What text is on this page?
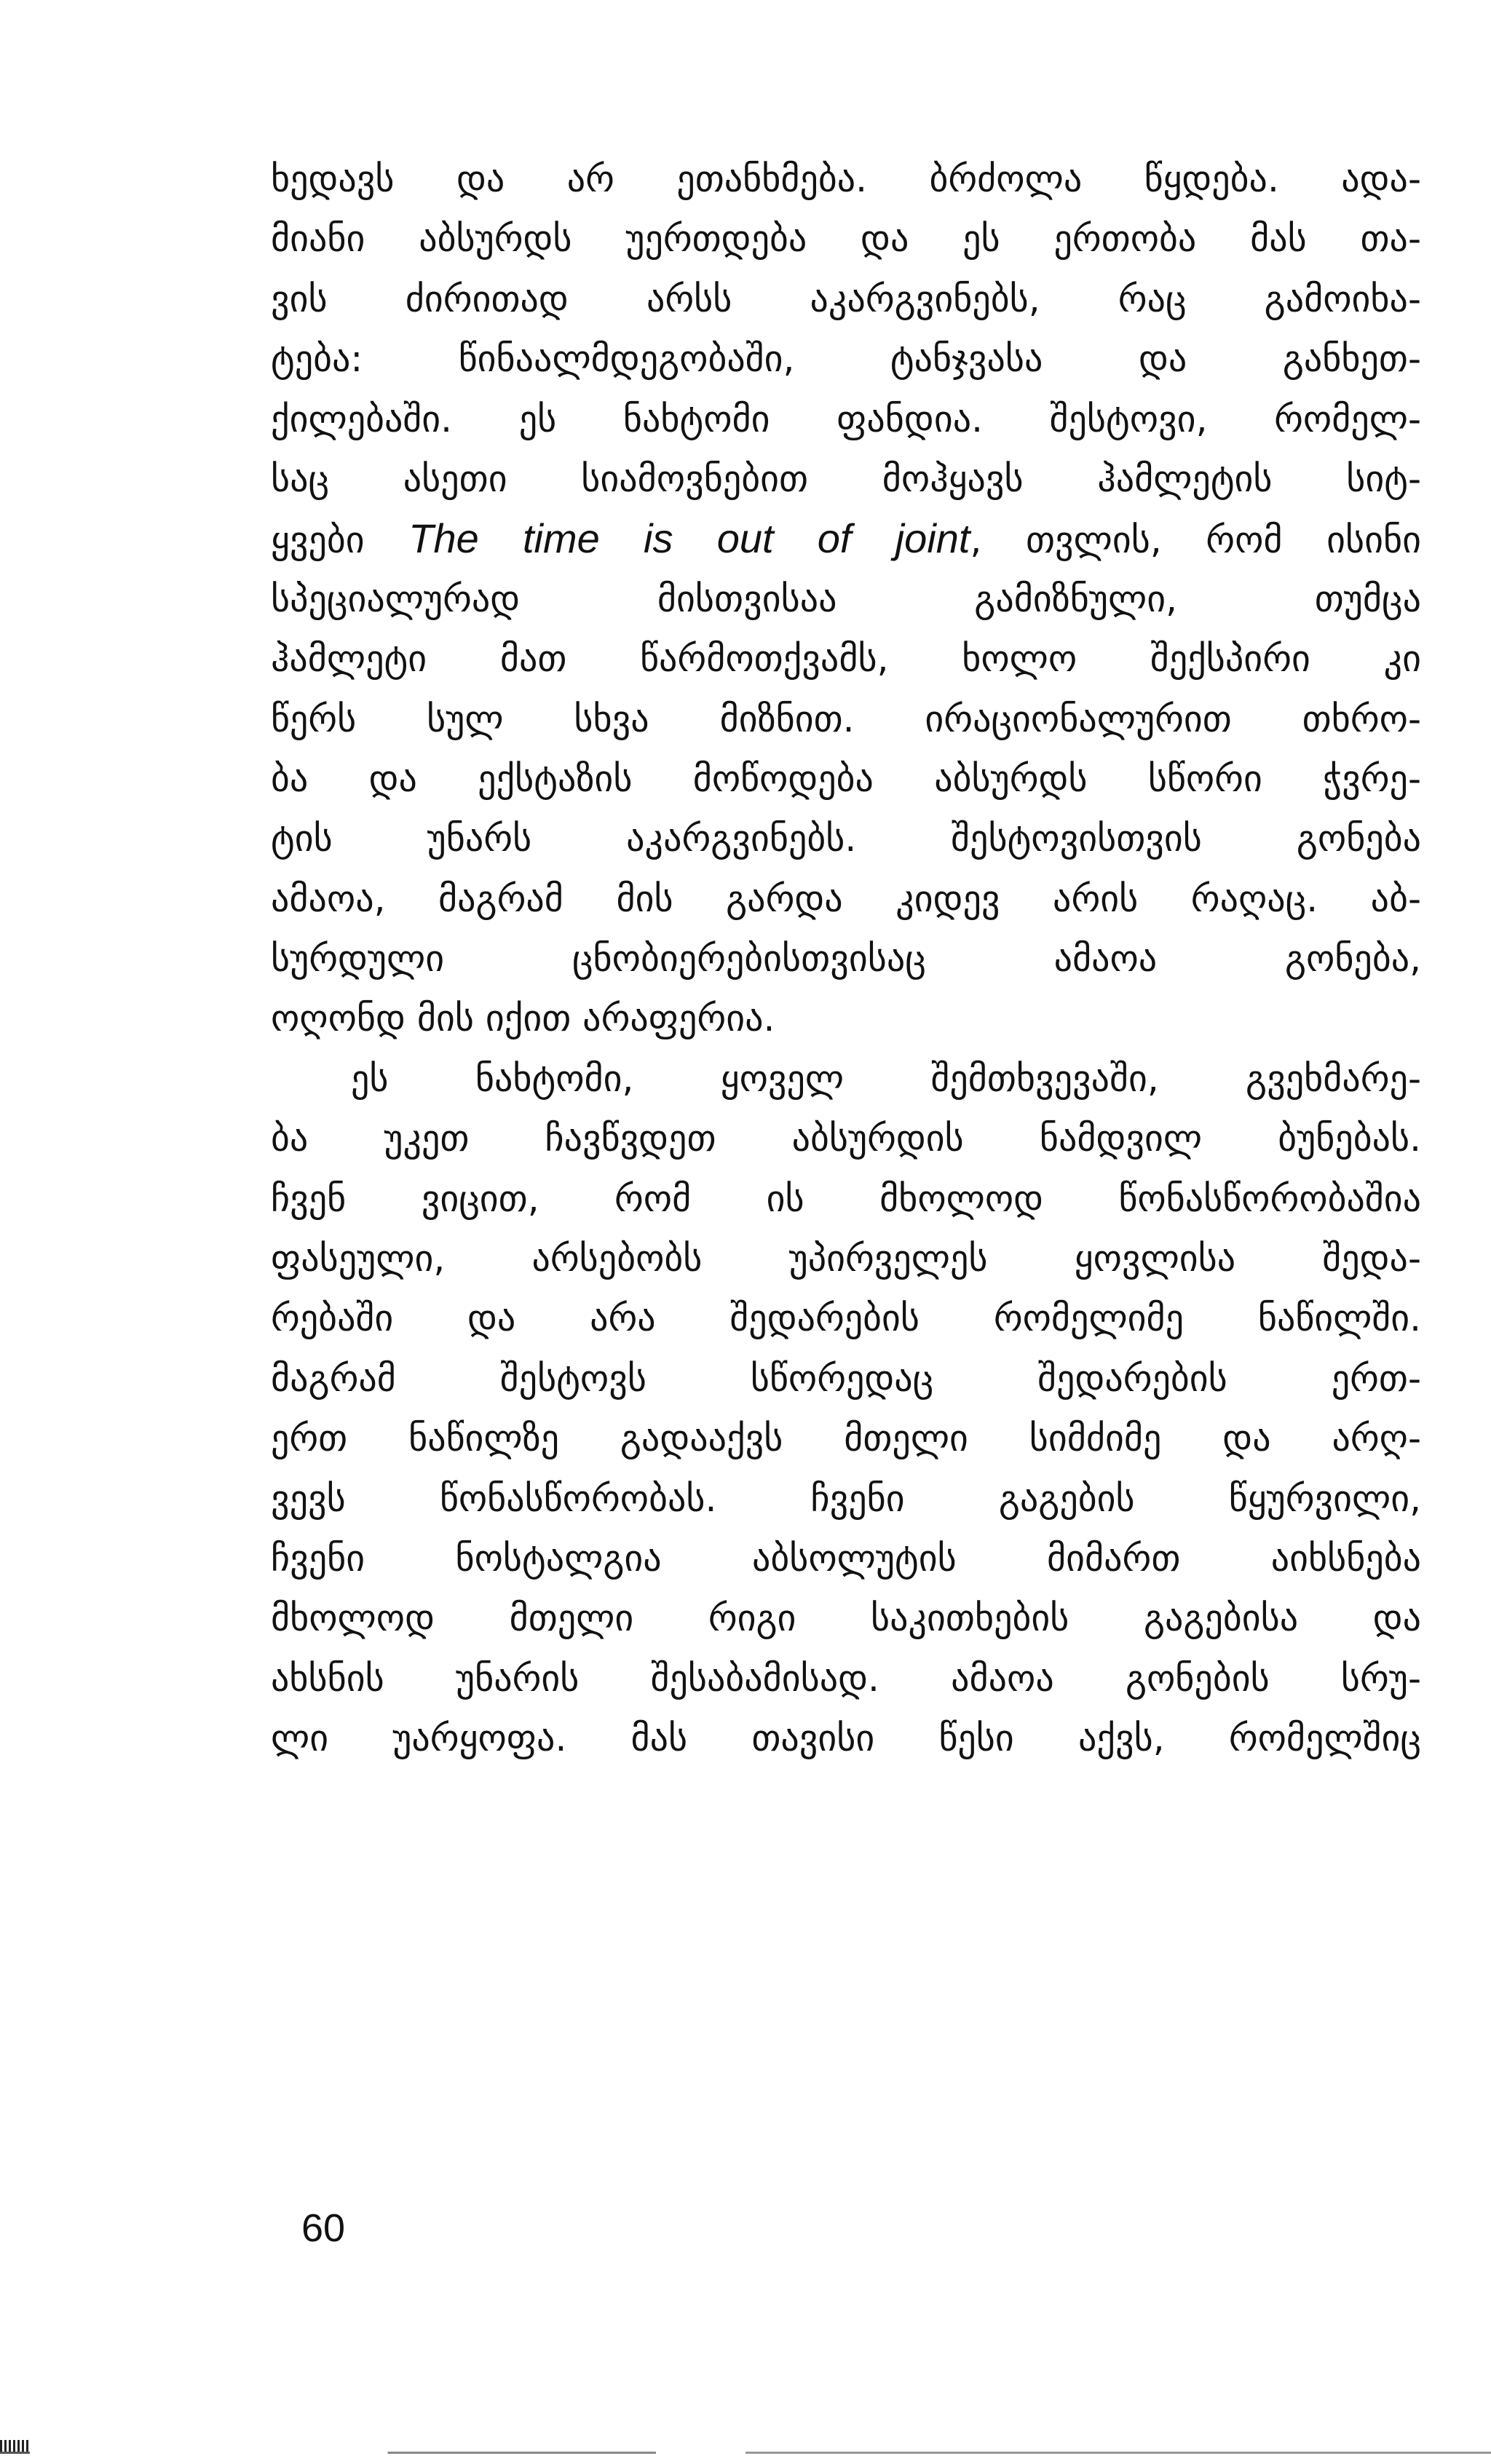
ხედავს და არ ეთანხმება. ბრძოლა წყდება. ადა-
მიანი აბსურდს უერთდება და ეს ერთობა მას თა-
ვის ძირითად არსს აკარგვინებს, რაც გამოიხა-
ტება: წინაალმდეგობაში, ტანჯვასა და განხეთ-
ქილებაში. ეს ნახტომი ფანდია. შესტოვი, რომელ-
საც ასეთი სიამოვნებით მოჰყავს ჰამლეტის სიტ-
ყვები The time is out of joint, თვლის, რომ ისინი
სპეციალურად მისთვისაა გამიზნული, თუმცა
ჰამლეტი მათ წარმოთქვამს, ხოლო შექსპირი კი
წერს სულ სხვა მიზნით. ირაციონალურით თხრო-
ბა და ექსტაზის მოწოდება აბსურდს სწორი ჭვრე-
ტის უნარს აკარგვინებს. შესტოვისთვის გონება
ამაოა, მაგრამ მის გარდა კიდევ არის რაღაც. აბ-
სურდული ცნობიერებისთვისაც ამაოა გონება,
ოღონდ მის იქით არაფერია.
ეს ნახტომი, ყოველ შემთხვევაში, გვეხმარე-
ბა უკეთ ჩავწვდეთ აბსურდის ნამდვილ ბუნებას.
ჩვენ ვიცით, რომ ის მხოლოდ წონასწორობაშია
ფასეული, არსებობს უპირველეს ყოვლისა შედა-
რებაში და არა შედარების რომელიმე ნაწილში.
მაგრამ შესტოვს სწორედაც შედარების ერთ-
ერთ ნაწილზე გადააქვს მთელი სიმძიმე და არღ-
ვევს წონასწორობას. ჩვენი გაგების წყურვილი,
ჩვენი ნოსტალგია აბსოლუტის მიმართ აიხსნება
მხოლოდ მთელი რიგი საკითხების გაგებისა და
ახსნის უნარის შესაბამისად. ამაოა გონების სრუ-
ლი უარყოფა. მას თავისი წესი აქვს, რომელშიც
60
